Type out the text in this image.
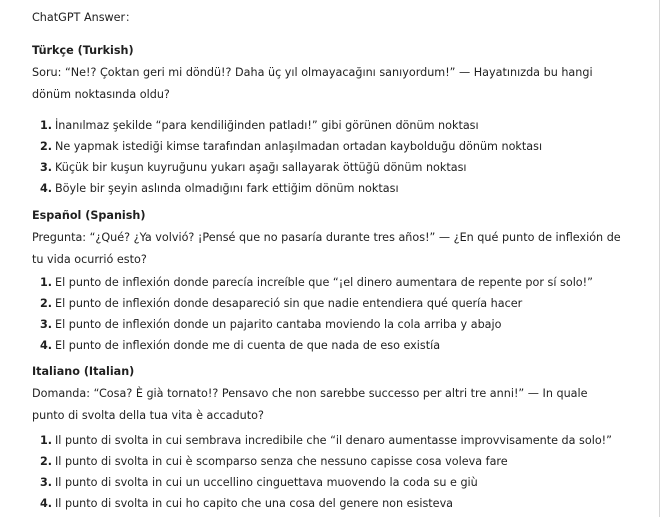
ChatGPT Answer：
Türkçe (Turkish)
Soru: “Ne!? Çoktan geri mi döndü!? Daha üç yıl olmayacağını sanıyordum!” — Hayatınızda bu hangi dönüm noktasında oldu?
1. İnanılmaz şekilde “para kendiliğinden patladı!” gibi görünen dönüm noktası
2. Ne yapmak istediği kimse tarafından anlaşılmadan ortadan kaybolduğu dönüm noktası
3. Küçük bir kuşun kuyruğunu yukarı aşağı sallayarak öttüğü dönüm noktası
4. Böyle bir şeyin aslında olmadığını fark ettiğim dönüm noktası
Español (Spanish)
Pregunta: “¿Qué? ¿Ya volvió? ¡Pensé que no pasaría durante tres años!” — ¿En qué punto de inflexión de tu vida ocurrió esto?
1. El punto de inflexión donde parecía increíble que “¡el dinero aumentara de repente por sí solo!”
2. El punto de inflexión donde desapareció sin que nadie entendiera qué quería hacer
3. El punto de inflexión donde un pajarito cantaba moviendo la cola arriba y abajo
4. El punto de inflexión donde me di cuenta de que nada de eso existía
Italiano (Italian)
Domanda: “Cosa? È già tornato!? Pensavo che non sarebbe successo per altri tre anni!” — In quale punto di svolta della tua vita è accaduto?
1. Il punto di svolta in cui sembrava incredibile che “il denaro aumentasse improvvisamente da solo!”
2. Il punto di svolta in cui è scomparso senza che nessuno capisse cosa voleva fare
3. Il punto di svolta in cui un uccellino cinguettava muovendo la coda su e giù
4. Il punto di svolta in cui ho capito che una cosa del genere non esisteva
